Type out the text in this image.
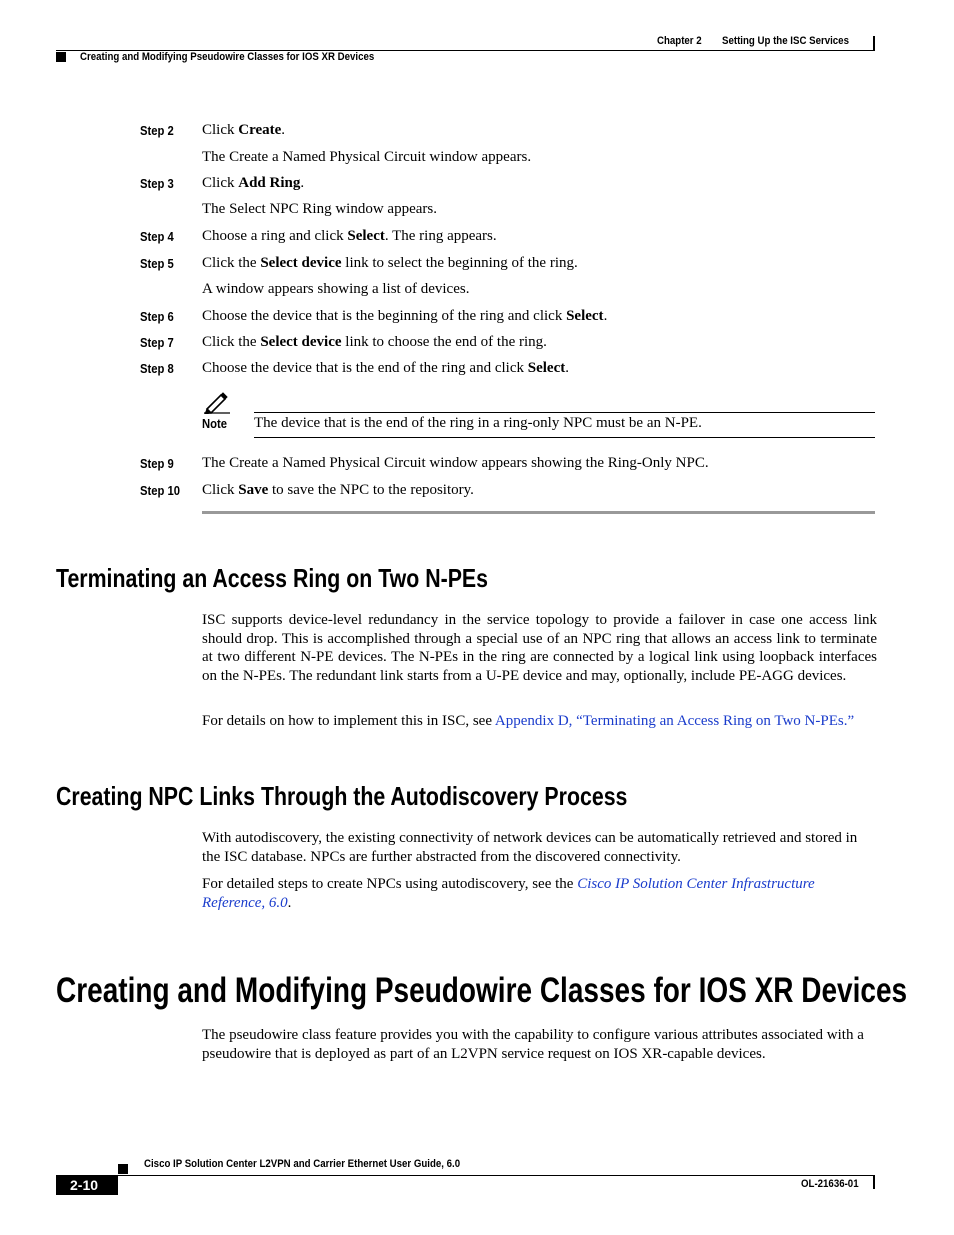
Chapter 2 Setting Up the ISC Services
Creating and Modifying Pseudowire Classes for IOS XR Devices
Step 2 Click Create.
The Create a Named Physical Circuit window appears.
Step 3 Click Add Ring.
The Select NPC Ring window appears.
Step 4 Choose a ring and click Select. The ring appears.
Step 5 Click the Select device link to select the beginning of the ring.
A window appears showing a list of devices.
Step 6 Choose the device that is the beginning of the ring and click Select.
Step 7 Click the Select device link to choose the end of the ring.
Step 8 Choose the device that is the end of the ring and click Select.
Note The device that is the end of the ring in a ring-only NPC must be an N-PE.
Step 9 The Create a Named Physical Circuit window appears showing the Ring-Only NPC.
Step 10 Click Save to save the NPC to the repository.
Terminating an Access Ring on Two N-PEs
ISC supports device-level redundancy in the service topology to provide a failover in case one access link should drop. This is accomplished through a special use of an NPC ring that allows an access link to terminate at two different N-PE devices. The N-PEs in the ring are connected by a logical link using loopback interfaces on the N-PEs. The redundant link starts from a U-PE device and may, optionally, include PE-AGG devices.
For details on how to implement this in ISC, see Appendix D, “Terminating an Access Ring on Two N-PEs.”
Creating NPC Links Through the Autodiscovery Process
With autodiscovery, the existing connectivity of network devices can be automatically retrieved and stored in the ISC database. NPCs are further abstracted from the discovered connectivity.
For detailed steps to create NPCs using autodiscovery, see the Cisco IP Solution Center Infrastructure Reference, 6.0.
Creating and Modifying Pseudowire Classes for IOS XR Devices
The pseudowire class feature provides you with the capability to configure various attributes associated with a pseudowire that is deployed as part of an L2VPN service request on IOS XR-capable devices.
Cisco IP Solution Center L2VPN and Carrier Ethernet User Guide, 6.0
2-10	OL-21636-01
